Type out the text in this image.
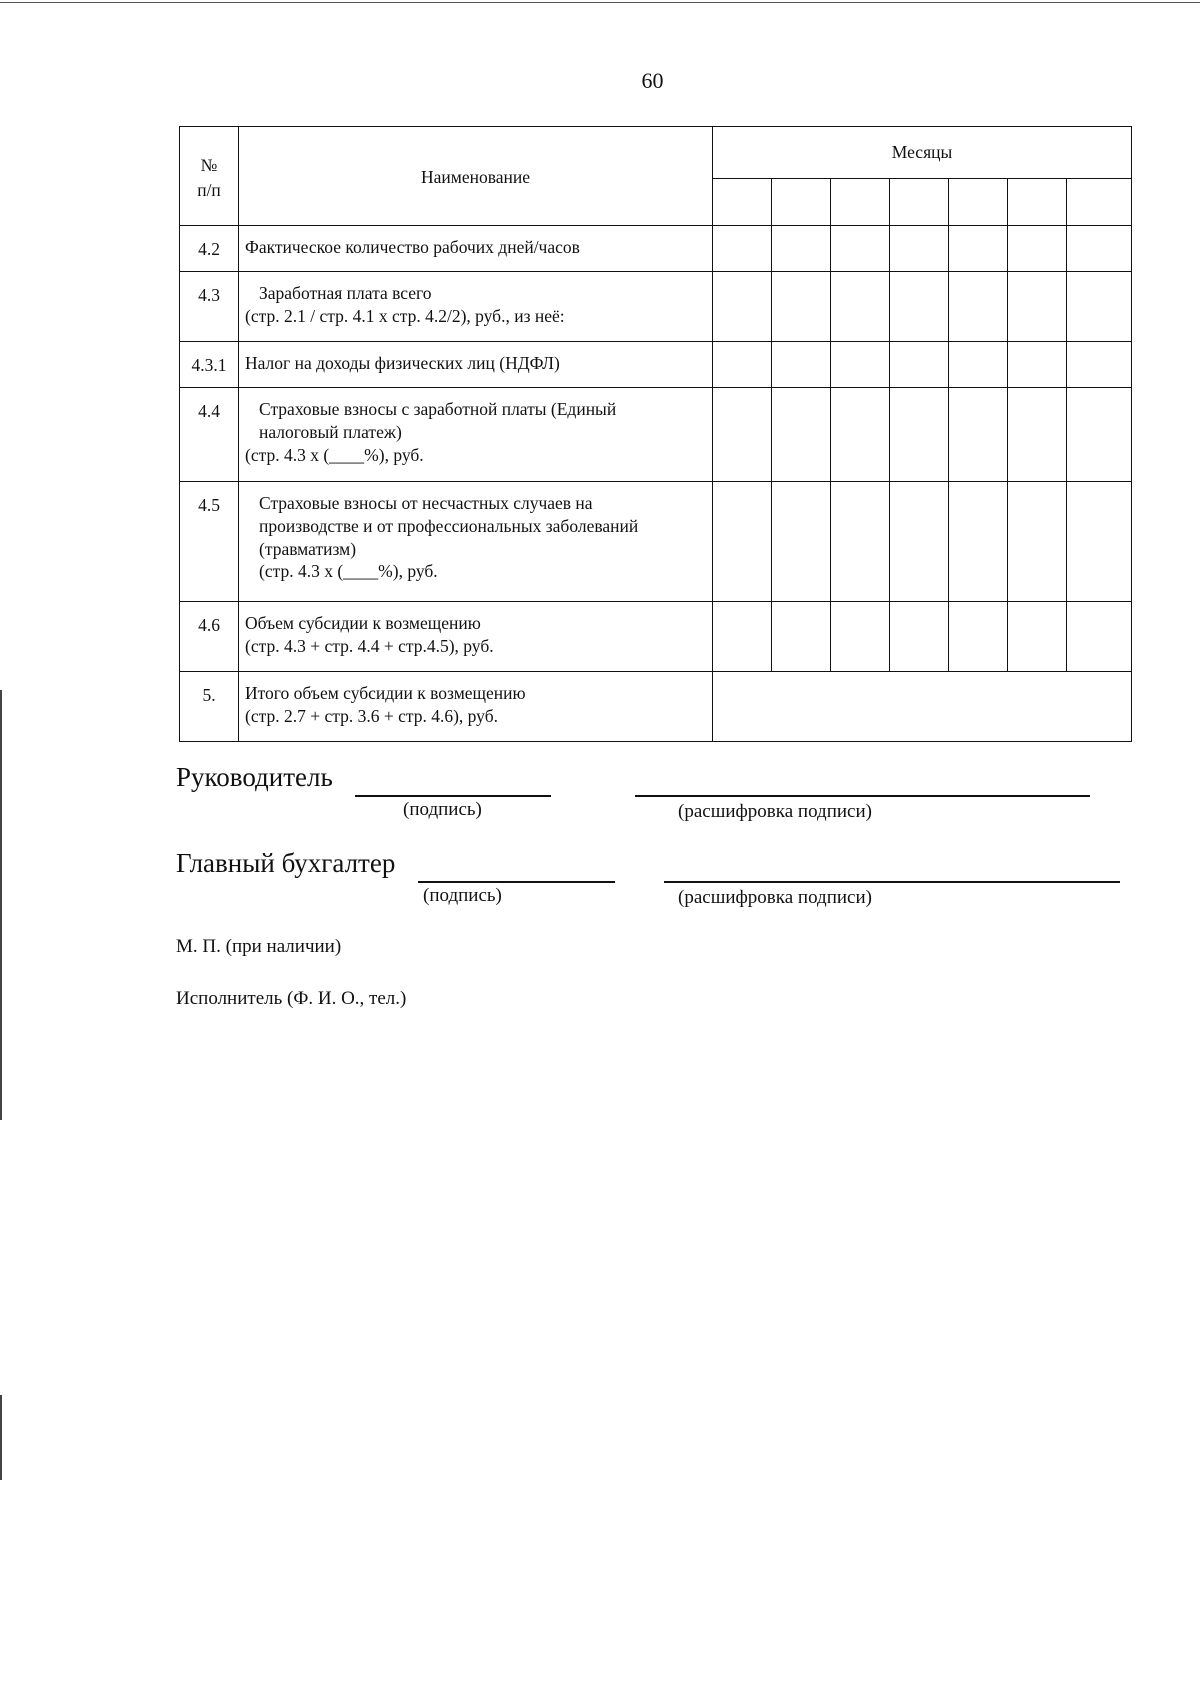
60
№
п/п	Наименование	Месяцы						

4.2	Фактическое количество рабочих дней/часов							

4.3	Заработная плата всего
(стр. 2.1 / стр. 4.1 х стр. 4.2/2), руб., из неё:							

4.3.1	Налог на доходы физических лиц (НДФЛ)							

4.4	Страховые взносы с заработной платы (Единый
налоговый платеж)
(стр. 4.3 х (____%), руб.							

4.5	Страховые взносы от несчастных случаев на
производстве и от профессиональных заболеваний
(травматизм)
(стр. 4.3 х (____%), руб.							

4.6	Объем субсидии к возмещению
(стр. 4.3 + стр. 4.4 + стр.4.5), руб.							

5.	Итого объем субсидии к возмещению
(стр. 2.7 + стр. 3.6 + стр. 4.6), руб.							

Руководитель
(подпись)	(расшифровка подписи)
Главный бухгалтер
(подпись)	(расшифровка подписи)
М. П. (при наличии)
Исполнитель (Ф. И. О., тел.)
